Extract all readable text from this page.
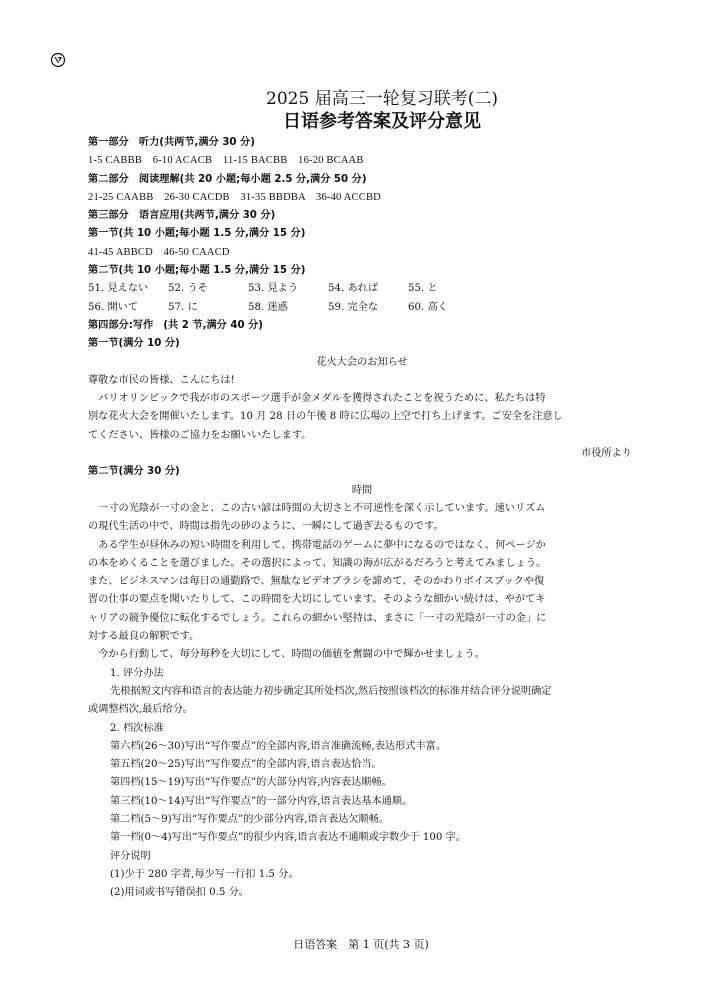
2025 届高三一轮复习联考(二)
日语参考答案及评分意见
第一部分　听力(共两节,满分 30 分)
1-5 CABBB　6-10 ACACB　11-15 BACBB　16-20 BCAAB
第二部分　阅读理解(共 20 小题;每小题 2.5 分,满分 50 分)
21-25 CAABB　26-30 CACDB　31-35 BBDBA　36-40 ACCBD
第三部分　语言应用(共两节,满分 30 分)
第一节(共 10 小题;每小题 1.5 分,满分 15 分)
41-45 ABBCD　46-50 CAACD
第二节(共 10 小题;每小题 1.5 分,满分 15 分)
51. 見えない 52. うそ	53. 見よう	54. あれば	55. と
56. 開いて	57. に	58. 迷惑	59. 完全な	60. 高く
第四部分:写作　(共 2 节,满分 40 分)
第一节(满分 10 分)
花火大会のお知らせ
尊敬な市民の皆様、こんにちは!
　パリオリンピックで我が市のスポーツ選手が金メダルを獲得されたことを祝うために、私たちは特
別な花火大会を開催いたします。10 月 28 日の午後 8 時に広場の上空で打ち上げます。ご安全を注意し
てください、皆様のご協力をお願いいたします。
市役所より
第二节(满分 30 分)
時間
　一寸の光陰が一寸の金と、この古い諺は時間の大切さと不可逆性を深く示しています。速いリズム
の現代生活の中で、時間は指先の砂のように、一瞬にして過ぎ去るものです。
　ある学生が昼休みの短い時間を利用して、携帯電話のゲームに夢中になるのではなく、何ページか
の本をめくることを選びました。その選択によって、知識の海が広がるだろうと考えてみましょう。
また、ビジネスマンは毎日の通勤路で、無駄なビデオブラシを諦めて、そのかわりボイスブックや復
習の仕事の要点を聞いたりして、この時間を大切にしています。そのような細かい続けは、やがてキ
ャリアの競争優位に転化するでしょう。これらの細かい堅持は、まさに「一寸の光陰が一寸の金」に
対する最良の解釈です。
　今から行動して、毎分毎秒を大切にして、時間の価値を奮闘の中で輝かせましょう。
1. 评分办法
　先根据短文内容和语言的表达能力初步确定其所处档次,然后按照该档次的标准并结合评分说明确定
或调整档次,最后给分。
2. 档次标准
第六档(26～30)写出“写作要点”的全部内容,语言准确流畅,表达形式丰富。
第五档(20～25)写出“写作要点”的全部内容,语言表达恰当。
第四档(15～19)写出“写作要点”的大部分内容,内容表达顺畅。
第三档(10～14)写出“写作要点”的一部分内容,语言表达基本通顺。
第二档(5～9)写出“写作要点”的少部分内容,语言表达欠顺畅。
第一档(0～4)写出“写作要点”的很少内容,语言表达不通顺或字数少于 100 字。
评分说明
(1)少于 280 字者,每少写一行扣 1.5 分。
(2)用词或书写错误扣 0.5 分。
日语答案　第 1 页(共 3 页)
